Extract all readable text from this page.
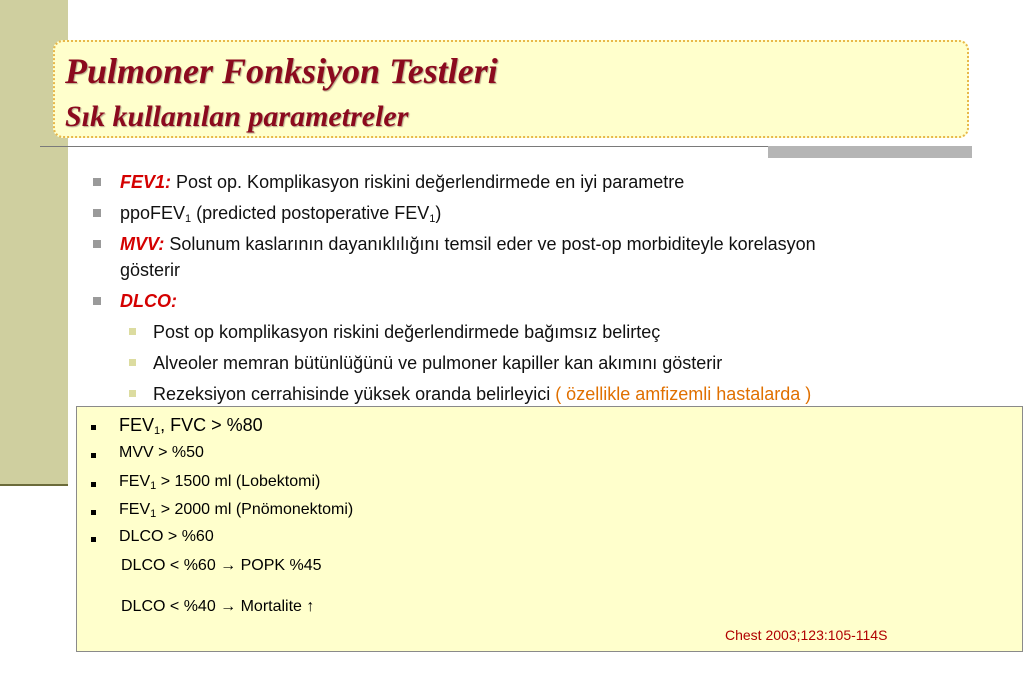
Pulmoner Fonksiyon Testleri
Sık kullanılan parametreler
FEV1: Post op. Komplikasyon riskini değerlendirmede en iyi parametre
ppoFEV$_1$ (predicted postoperative $FEV_1$)
MVV: Solunum kaslarının dayanıklılığını temsil eder ve post-op morbiditeyle korelasyon
gösterir
DLCO:
Post op komplikasyon riskini değerlendirmede bağımsız belirteç
Alveoler memran bütünlüğünü ve pulmoner kapiller kan akımını gösterir
Rezeksiyon cerrahisinde yüksek oranda belirleyici ( özellikle amfizemli hastalarda )
$FEV_1$, FVC > %80
MVV > %50
$FEV_1 > 1500$ ml (Lobektomi)
$FEV_1 > 2000$ ml (Pnömonektomi)
DLCO > %60
DLCO < %60 → POPK %45
DLCO < %40 → Mortalite ↑
Chest 2003;123:105-114S
